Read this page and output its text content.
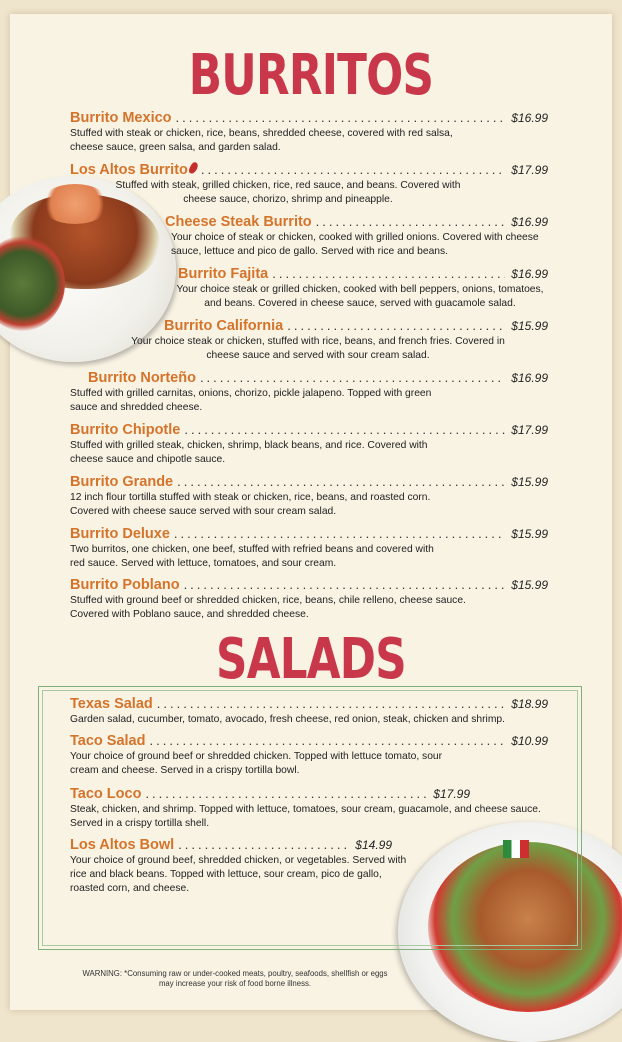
BURRITOS
Burrito Mexico .....	$16.99
Stuffed with steak or chicken, rice, beans, shredded cheese, covered with red salsa, cheese sauce, green salsa, and garden salad.
Los Altos Burrito .....	$17.99
Stuffed with steak, grilled chicken, rice, red sauce, and beans. Covered with cheese sauce, chorizo, shrimp and pineapple.
Cheese Steak Burrito .....	$16.99
Your choice of steak or chicken, cooked with grilled onions. Covered with cheese sauce, lettuce and pico de gallo. Served with rice and beans.
Burrito Fajita .....	$16.99
Your choice steak or grilled chicken, cooked with bell peppers, onions, tomatoes, and beans. Covered in cheese sauce, served with guacamole salad.
Burrito California .....	$15.99
Your choice steak or chicken, stuffed with rice, beans, and french fries. Covered in cheese sauce and served with sour cream salad.
Burrito Norteño .....	$16.99
Stuffed with grilled carnitas, onions, chorizo, pickle jalapeno. Topped with green sauce and shredded cheese.
Burrito Chipotle .....	$17.99
Stuffed with grilled steak, chicken, shrimp, black beans, and rice. Covered with cheese sauce and chipotle sauce.
Burrito Grande .....	$15.99
12 inch flour tortilla stuffed with steak or chicken, rice, beans, and roasted corn. Covered with cheese sauce served with sour cream salad.
Burrito Deluxe .....	$15.99
Two burritos, one chicken, one beef, stuffed with refried beans and covered with red sauce. Served with lettuce, tomatoes, and sour cream.
Burrito Poblano .....	$15.99
Stuffed with ground beef or shredded chicken, rice, beans, chile relleno, cheese sauce. Covered with Poblano sauce, and shredded cheese.
SALADS
Texas Salad .....	$18.99
Garden salad, cucumber, tomato, avocado, fresh cheese, red onion, steak, chicken and shrimp.
Taco Salad .....	$10.99
Your choice of ground beef or shredded chicken. Topped with lettuce tomato, sour cream and cheese. Served in a crispy tortilla bowl.
Taco Loco .....	$17.99
Steak, chicken, and shrimp. Topped with lettuce, tomatoes, sour cream, guacamole, and cheese sauce. Served in a crispy tortilla shell.
Los Altos Bowl .....	$14.99
Your choice of ground beef, shredded chicken, or vegetables. Served with rice and black beans. Topped with lettuce, sour cream, pico de gallo, roasted corn, and cheese.
WARNING: *Consuming raw or under-cooked meats, poultry, seafoods, shellfish or eggs may increase your risk of food borne illness.
